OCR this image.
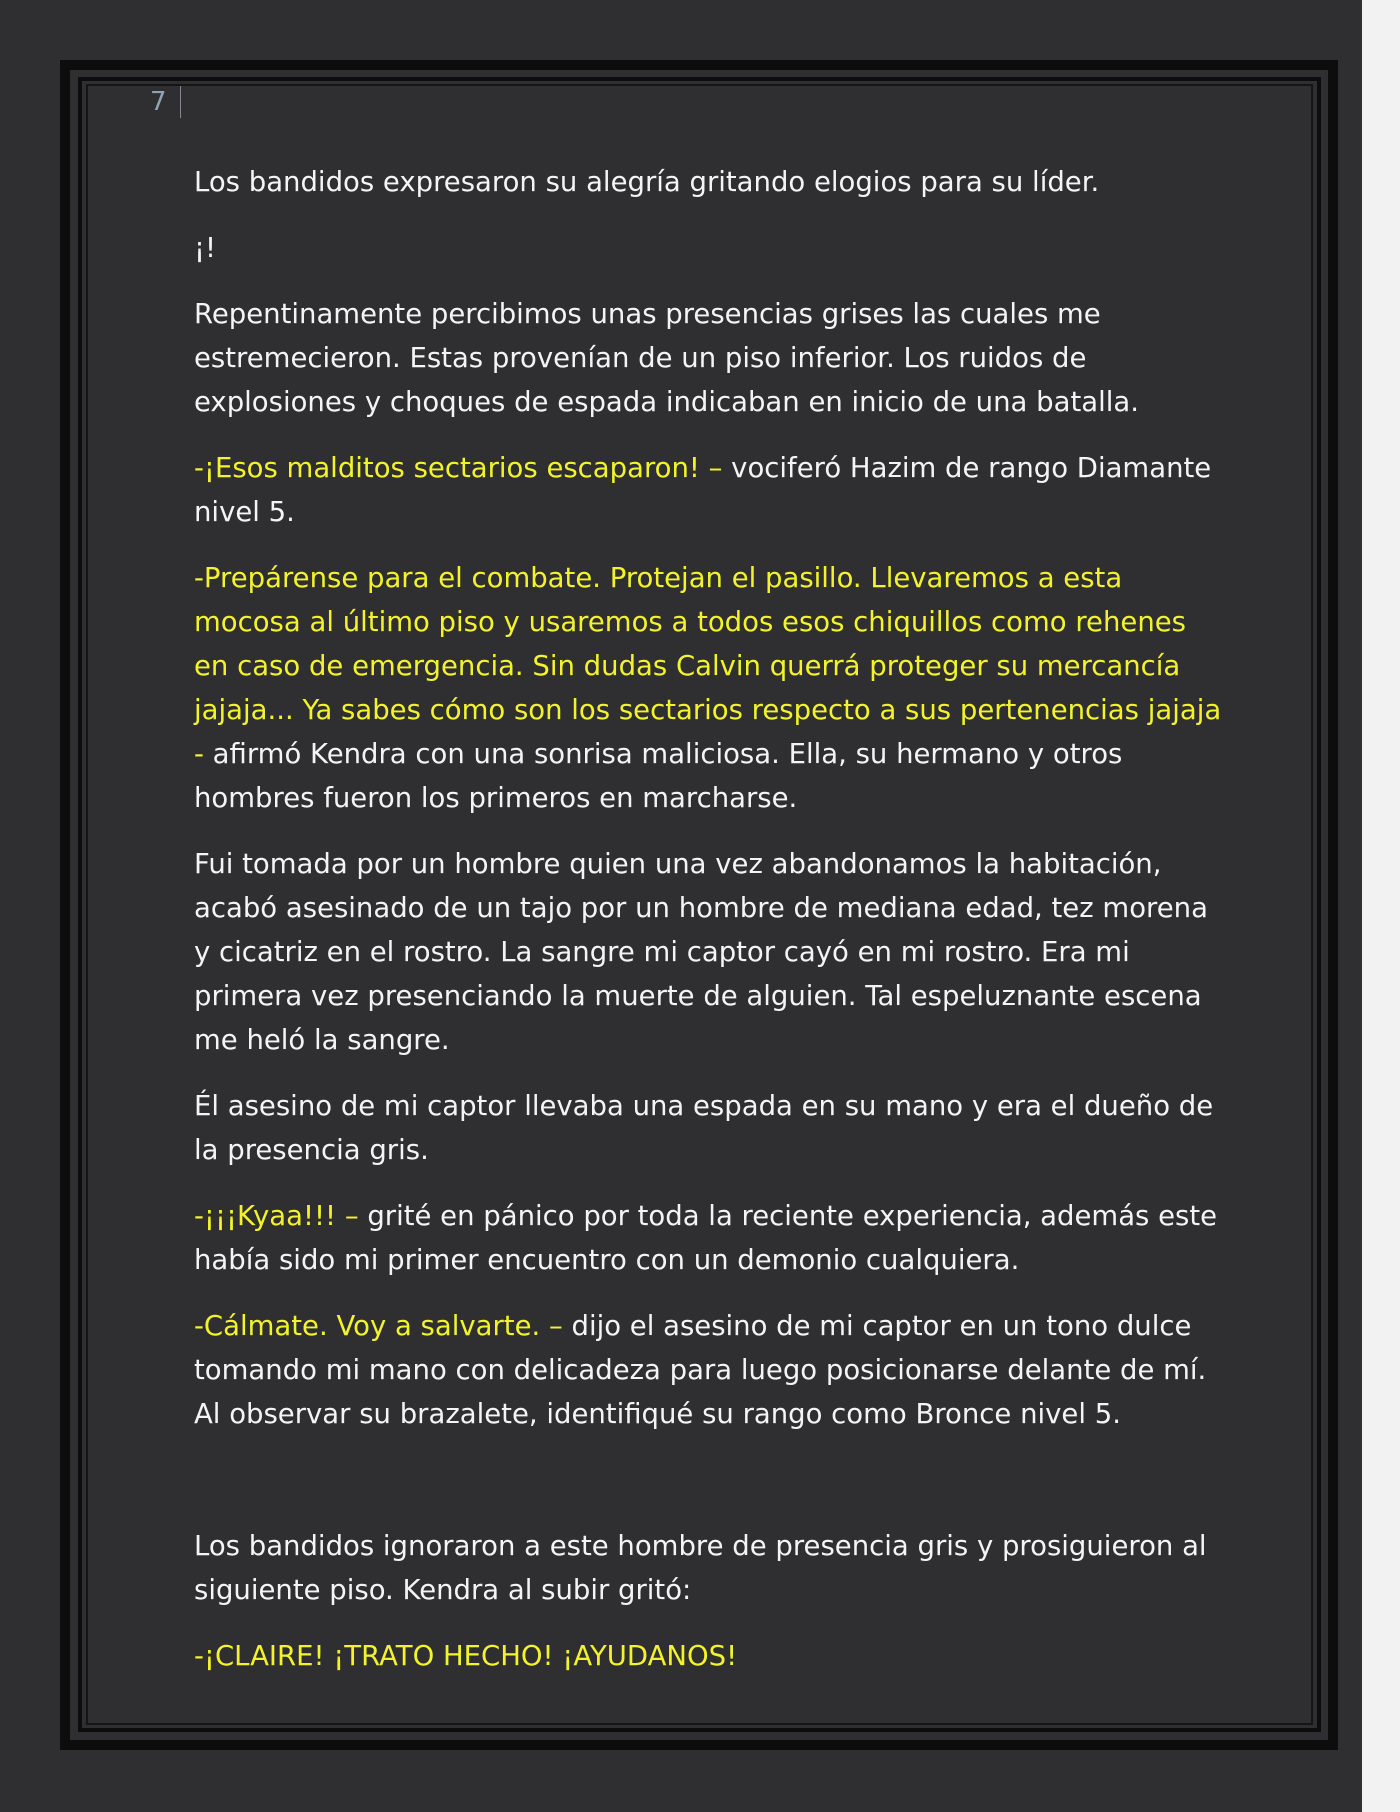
7

Los bandidos expresaron su alegría gritando elogios para su líder.

¡!

Repentinamente percibimos unas presencias grises las cuales me estremecieron. Estas provenían de un piso inferior. Los ruidos de explosiones y choques de espada indicaban en inicio de una batalla.

-¡Esos malditos sectarios escaparon! – vociferó Hazim de rango Diamante nivel 5.

-Prepárense para el combate. Protejan el pasillo. Llevaremos a esta mocosa al último piso y usaremos a todos esos chiquillos como rehenes en caso de emergencia. Sin dudas Calvin querrá proteger su mercancía jajaja... Ya sabes cómo son los sectarios respecto a sus pertenencias jajaja - afirmó Kendra con una sonrisa maliciosa. Ella, su hermano y otros hombres fueron los primeros en marcharse.

Fui tomada por un hombre quien una vez abandonamos la habitación, acabó asesinado de un tajo por un hombre de mediana edad, tez morena y cicatriz en el rostro. La sangre mi captor cayó en mi rostro. Era mi primera vez presenciando la muerte de alguien. Tal espeluznante escena me heló la sangre.

Él asesino de mi captor llevaba una espada en su mano y era el dueño de la presencia gris.

-¡¡¡Kyaa!!! – grité en pánico por toda la reciente experiencia, además este había sido mi primer encuentro con un demonio cualquiera.

-Cálmate. Voy a salvarte. – dijo el asesino de mi captor en un tono dulce tomando mi mano con delicadeza para luego posicionarse delante de mí. Al observar su brazalete, identifiqué su rango como Bronce nivel 5.

Los bandidos ignoraron a este hombre de presencia gris y prosiguieron al siguiente piso. Kendra al subir gritó:

-¡CLAIRE! ¡TRATO HECHO! ¡AYUDANOS!
